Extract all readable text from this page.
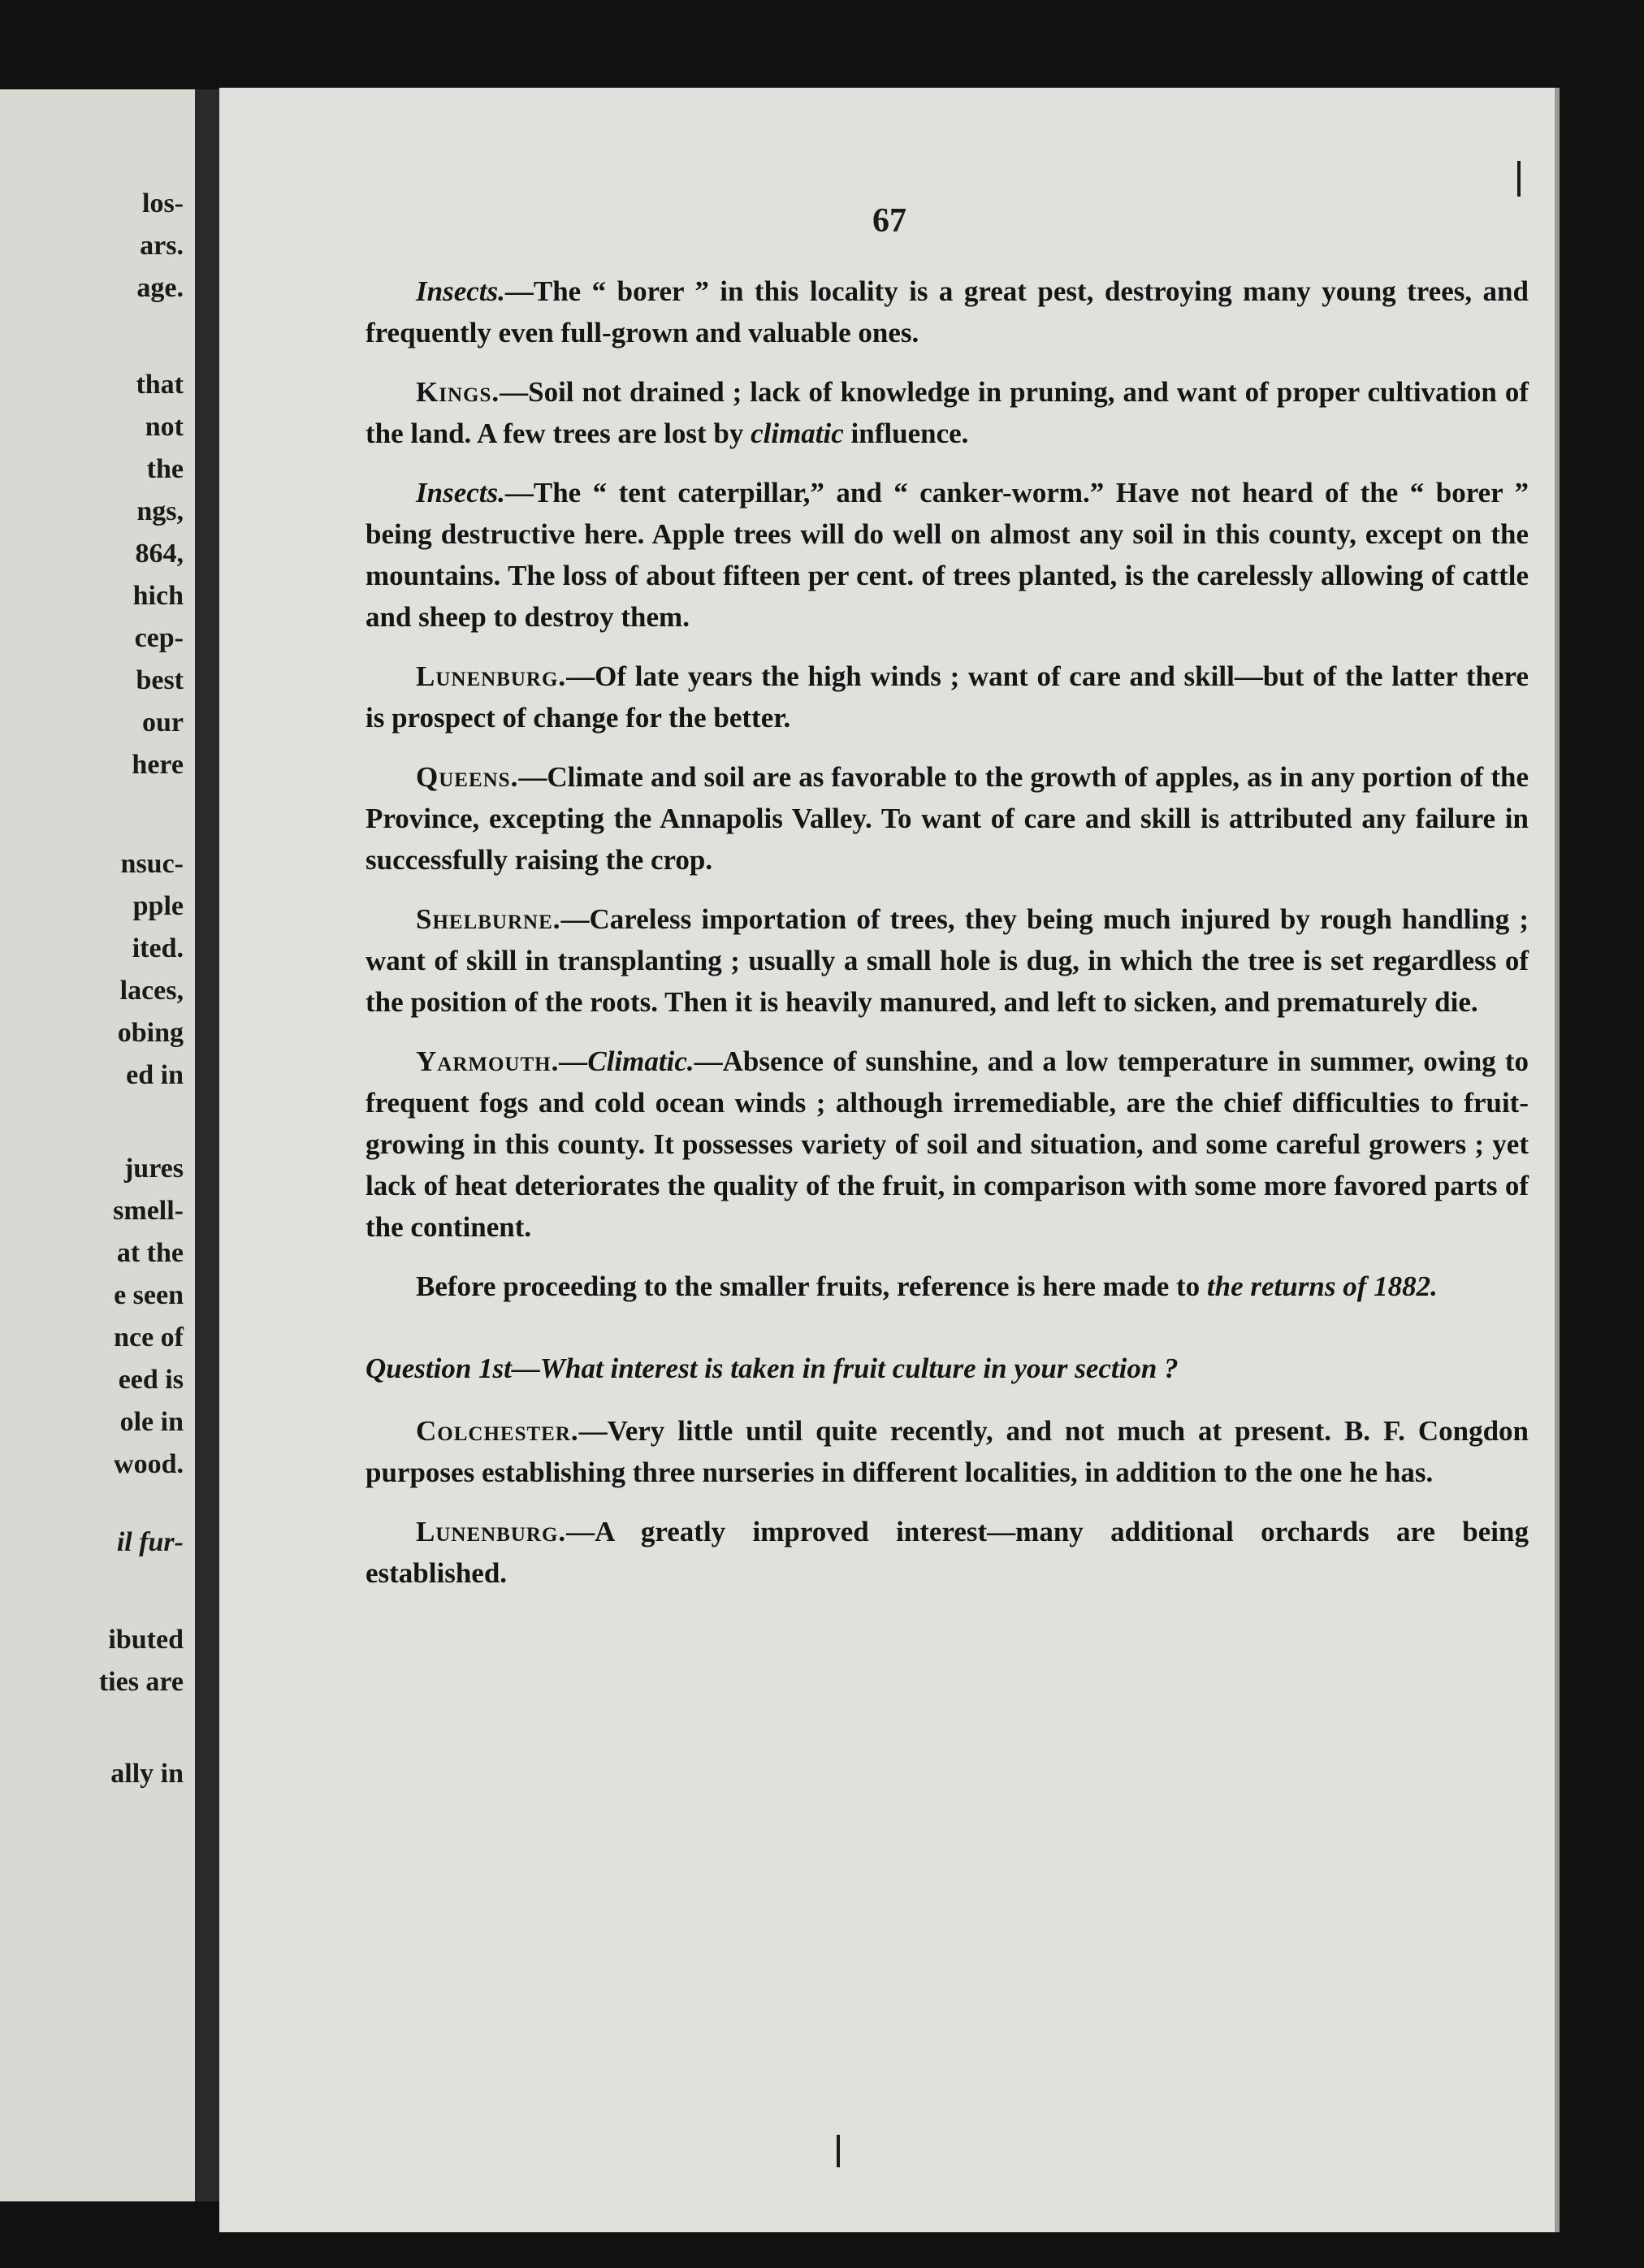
los-
ars.
age.
that
not
the
ngs,
864,
hich
cep-
best
our
here
nsuc-
pple
ited.
laces,
obing
ed in
jures
smell-
at the
e seen
nce of
eed is
ole in
wood.
il fur-
ibuted
ties are
ally in
67

Insects.—The “ borer ” in this locality is a great pest, destroying many young trees, and frequently even full-grown and valuable ones.

Kings.—Soil not drained ; lack of knowledge in pruning, and want of proper cultivation of the land. A few trees are lost by climatic influence.

Insects.—The “ tent caterpillar,” and “ canker-worm.” Have not heard of the “ borer ” being destructive here. Apple trees will do well on almost any soil in this county, except on the mountains. The loss of about fifteen per cent. of trees planted, is the carelessly allowing of cattle and sheep to destroy them.

Lunenburg.—Of late years the high winds ; want of care and skill—but of the latter there is prospect of change for the better.

Queens.—Climate and soil are as favorable to the growth of apples, as in any portion of the Province, excepting the Annapolis Valley. To want of care and skill is attributed any failure in successfully raising the crop.

Shelburne.—Careless importation of trees, they being much injured by rough handling ; want of skill in transplanting ; usually a small hole is dug, in which the tree is set regardless of the position of the roots. Then it is heavily manured, and left to sicken, and prematurely die.

Yarmouth.—Climatic.—Absence of sunshine, and a low temperature in summer, owing to frequent fogs and cold ocean winds ; although irremediable, are the chief difficulties to fruit-growing in this county. It possesses variety of soil and situation, and some careful growers ; yet lack of heat deteriorates the quality of the fruit, in comparison with some more favored parts of the continent.

Before proceeding to the smaller fruits, reference is here made to the returns of 1882.

Question 1st—What interest is taken in fruit culture in your section ?

Colchester.—Very little until quite recently, and not much at present. B. F. Congdon purposes establishing three nurseries in different localities, in addition to the one he has.

Lunenburg.—A greatly improved interest—many additional orchards are being established.
